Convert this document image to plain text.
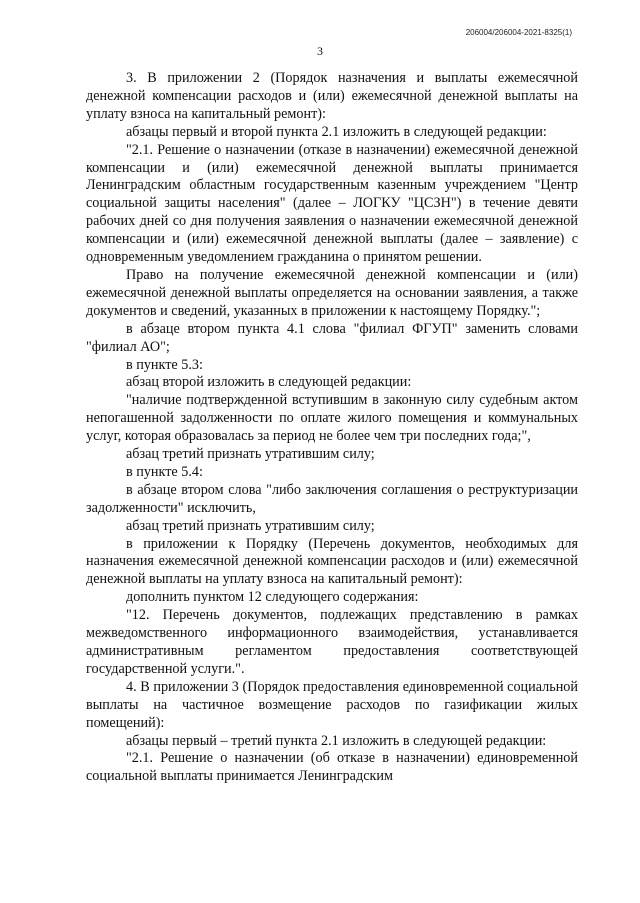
206004/206004-2021-8325(1)
3

3. В приложении 2 (Порядок назначения и выплаты ежемесячной денежной компенсации расходов и (или) ежемесячной денежной выплаты на уплату взноса на капитальный ремонт):

абзацы первый и второй пункта 2.1 изложить в следующей редакции:

"2.1. Решение о назначении (отказе в назначении) ежемесячной денежной компенсации и (или) ежемесячной денежной выплаты принимается Ленинградским областным государственным казенным учреждением "Центр социальной защиты населения" (далее – ЛОГКУ "ЦСЗН") в течение девяти рабочих дней со дня получения заявления о назначении ежемесячной денежной компенсации и (или) ежемесячной денежной выплаты (далее – заявление) с одновременным уведомлением гражданина о принятом решении.

Право на получение ежемесячной денежной компенсации и (или) ежемесячной денежной выплаты определяется на основании заявления, а также документов и сведений, указанных в приложении к настоящему Порядку.";

в абзаце втором пункта 4.1 слова "филиал ФГУП" заменить словами "филиал АО";

в пункте 5.3:

абзац второй изложить в следующей редакции:

"наличие подтвержденной вступившим в законную силу судебным актом непогашенной задолженности по оплате жилого помещения и коммунальных услуг, которая образовалась за период не более чем три последних года;",

абзац третий признать утратившим силу;

в пункте 5.4:

в абзаце втором слова "либо заключения соглашения о реструктуризации задолженности" исключить,

абзац третий признать утратившим силу;

в приложении к Порядку (Перечень документов, необходимых для назначения ежемесячной денежной компенсации расходов и (или) ежемесячной денежной выплаты на уплату взноса на капитальный ремонт):

дополнить пунктом 12 следующего содержания:

"12. Перечень документов, подлежащих представлению в рамках межведомственного информационного взаимодействия, устанавливается административным регламентом предоставления соответствующей государственной услуги.".

4. В приложении 3 (Порядок предоставления единовременной социальной выплаты на частичное возмещение расходов по газификации жилых помещений):

абзацы первый – третий пункта 2.1 изложить в следующей редакции:

"2.1. Решение о назначении (об отказе в назначении) единовременной социальной выплаты принимается Ленинградским
